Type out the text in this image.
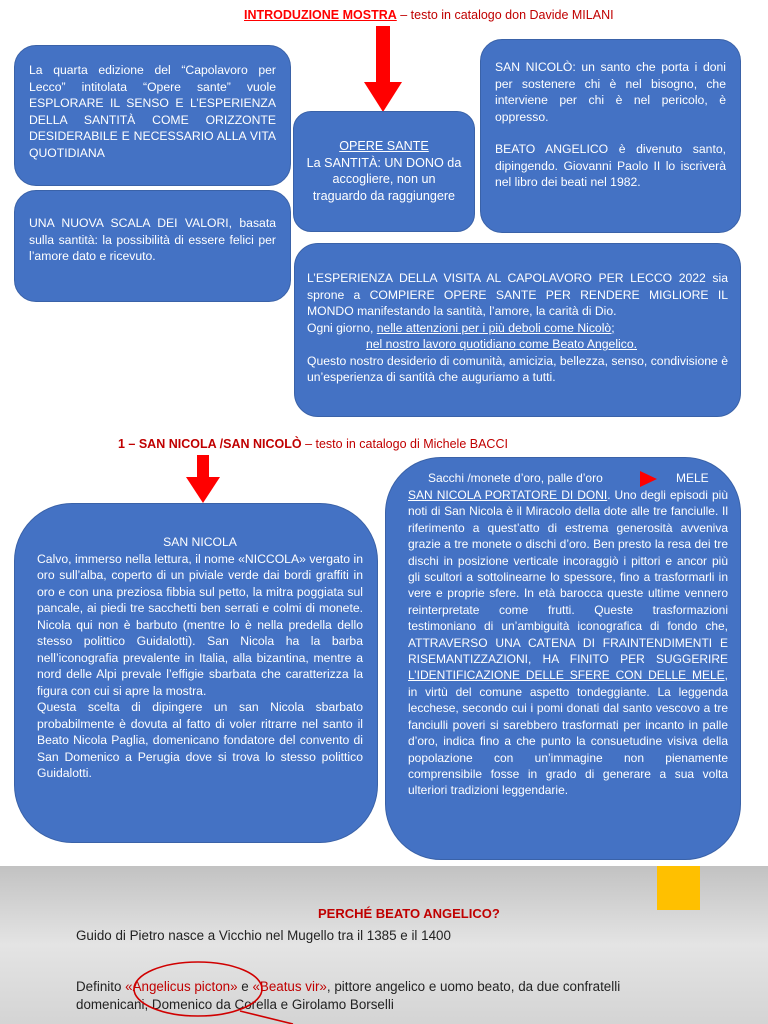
INTRODUZIONE MOSTRA – testo in catalogo don Davide MILANI

La quarta edizione del “Capolavoro per Lecco” intitolata “Opere sante” vuole ESPLORARE IL SENSO E L’ESPERIENZA DELLA SANTITÀ COME ORIZZONTE DESIDERABILE E NECESSARIO ALLA VITA QUOTIDIANA

UNA NUOVA SCALA DEI VALORI, basata sulla santità: la possibilità di essere felici per l’amore dato e ricevuto.

OPERE SANTE

La SANTITÀ: UN DONO da accogliere, non un traguardo da raggiungere

SAN NICOLÒ: un santo che porta i doni per sostenere chi è nel bisogno, che interviene per chi è nel pericolo, è oppresso.

BEATO ANGELICO è divenuto santo, dipingendo. Giovanni Paolo II lo iscriverà nel libro dei beati nel 1982.

L’ESPERIENZA DELLA VISITA AL CAPOLAVORO PER LECCO 2022 sia sprone a COMPIERE OPERE SANTE PER RENDERE MIGLIORE IL MONDO manifestando la santità, l’amore, la carità di Dio.

Ogni giorno, nelle attenzioni per i più deboli come Nicolò;

nel nostro lavoro quotidiano come Beato Angelico.

Questo nostro desiderio di comunità, amicizia, bellezza, senso, condivisione è un’esperienza di santità che auguriamo a tutti.

1 – SAN NICOLA /SAN NICOLÒ – testo in catalogo di Michele BACCI

SAN NICOLA

Calvo, immerso nella lettura, il nome «NICCOLA» vergato in oro sull’alba, coperto di un piviale verde dai bordi graffiti in oro e con una preziosa fibbia sul petto, la mitra poggiata sul pancale, ai piedi tre sacchetti ben serrati e colmi di monete. Nicola qui non è barbuto (mentre lo è nella predella dello stesso polittico Guidalotti). San Nicola ha la barba nell’iconografia prevalente in Italia, alla bizantina, mentre a nord delle Alpi prevale l’effigie sbarbata che caratterizza la figura con cui si apre la mostra.

Questa scelta di dipingere un san Nicola sbarbato probabilmente è dovuta al fatto di voler ritrarre nel santo il Beato Nicola Paglia, domenicano fondatore del convento di San Domenico a Perugia dove si trova lo stesso polittico Guidalotti.

Sacchi /monete d’oro, palle d’oro	MELE

SAN NICOLA PORTATORE DI DONI. Uno degli episodi più noti di San Nicola è il Miracolo della dote alle tre fanciulle. Il riferimento a quest’atto di estrema generosità avveniva grazie a tre monete o dischi d’oro. Ben presto la resa dei tre dischi in posizione verticale incoraggiò i pittori e ancor più gli scultori a sottolinearne lo spessore, fino a trasformarli in vere e proprie sfere. In età barocca queste ultime vennero reinterpretate come frutti. Queste trasformazioni testimoniano di un’ambiguità iconografica di fondo che, ATTRAVERSO UNA CATENA DI FRAINTENDIMENTI E RISEMANTIZZAZIONI, HA FINITO PER SUGGERIRE L’IDENTIFICAZIONE DELLE SFERE CON DELLE MELE, in virtù del comune aspetto tondeggiante. La leggenda lecchese, secondo cui i pomi donati dal santo vescovo a tre fanciulli poveri si sarebbero trasformati per incanto in palle d’oro, indica fino a che punto la consuetudine visiva della popolazione con un’immagine non pienamente comprensibile fosse in grado di generare a sua volta ulteriori tradizioni leggendarie.

PERCHÉ BEATO ANGELICO?
Guido di Pietro nasce a Vicchio nel Mugello tra il 1385 e il 1400
Definito «Angelicus picton» e «Beatus vir», pittore angelico e uomo beato, da due confratelli
domenicani, Domenico da Corella e Girolamo Borselli
